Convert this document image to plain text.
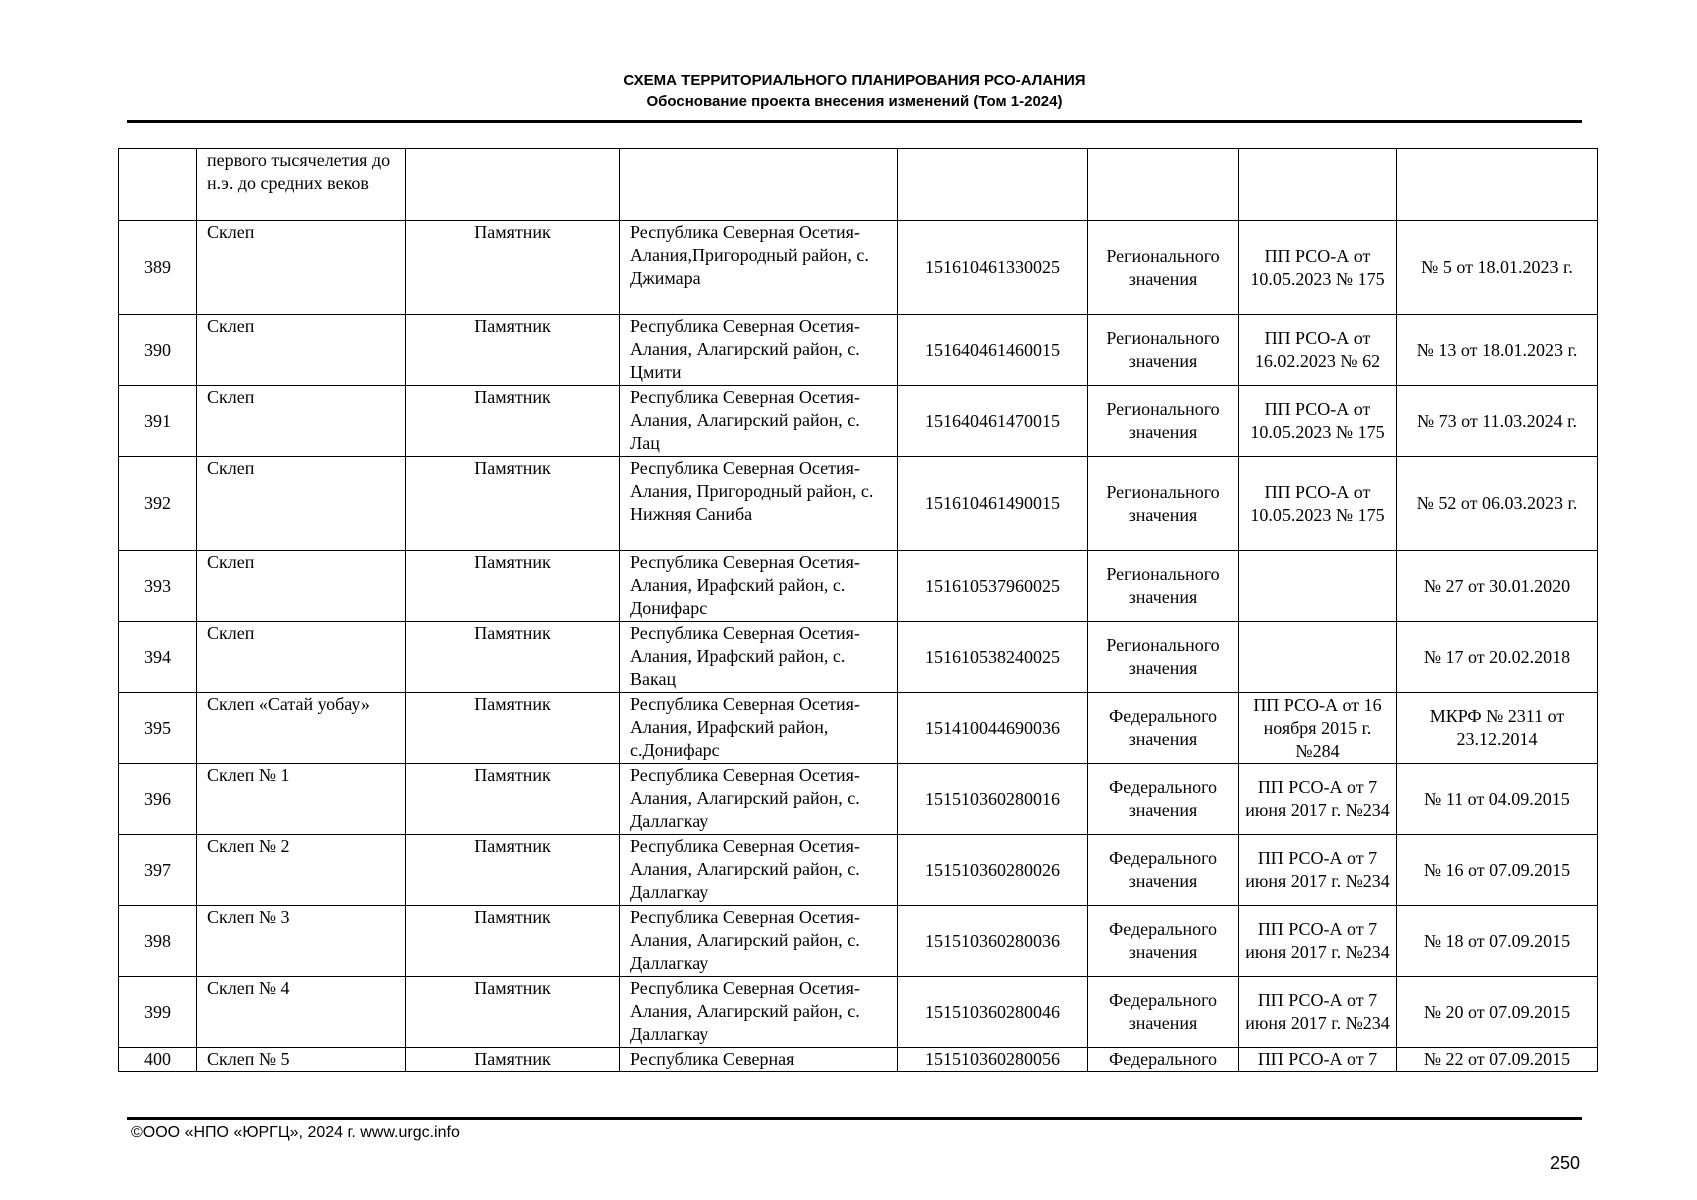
СХЕМА ТЕРРИТОРИАЛЬНОГО ПЛАНИРОВАНИЯ РСО-АЛАНИЯ
Обоснование проекта внесения изменений (Том 1-2024)
	первого тысячелетия до н.э. до средних веков						
389	Склеп	Памятник	Республика Северная Осетия-Алания,Пригородный район, с. Джимара	151610461330025	Регионального значения	ПП РСО-А от 10.05.2023 № 175	№ 5 от 18.01.2023 г.
390	Склеп	Памятник	Республика Северная Осетия-Алания, Алагирский район, с. Цмити	151640461460015	Регионального значения	ПП РСО-А от 16.02.2023 № 62	№ 13 от 18.01.2023 г.
391	Склеп	Памятник	Республика Северная Осетия-Алания, Алагирский район, с. Лац	151640461470015	Регионального значения	ПП РСО-А от 10.05.2023 № 175	№ 73 от 11.03.2024 г.
392	Склеп	Памятник	Республика Северная Осетия-Алания, Пригородный район, с. Нижняя Саниба	151610461490015	Регионального значения	ПП РСО-А от 10.05.2023 № 175	№ 52 от 06.03.2023 г.
393	Склеп	Памятник	Республика Северная Осетия-Алания, Ирафский район, с. Донифарс	151610537960025	Регионального значения		№ 27 от 30.01.2020
394	Склеп	Памятник	Республика Северная Осетия-Алания, Ирафский район, с. Вакац	151610538240025	Регионального значения		№ 17 от 20.02.2018
395	Склеп «Сатай уобау»	Памятник	Республика Северная Осетия-Алания, Ирафский район, с.Донифарс	151410044690036	Федерального значения	ПП РСО-А от 16 ноября 2015 г. №284	МКРФ № 2311 от 23.12.2014
396	Склеп № 1	Памятник	Республика Северная Осетия-Алания, Алагирский район, с. Даллагкау	151510360280016	Федерального значения	ПП РСО-А от 7 июня 2017 г. №234	№ 11 от 04.09.2015
397	Склеп № 2	Памятник	Республика Северная Осетия-Алания, Алагирский район, с. Даллагкау	151510360280026	Федерального значения	ПП РСО-А от 7 июня 2017 г. №234	№ 16 от 07.09.2015
398	Склеп № 3	Памятник	Республика Северная Осетия-Алания, Алагирский район, с. Даллагкау	151510360280036	Федерального значения	ПП РСО-А от 7 июня 2017 г. №234	№ 18 от 07.09.2015
399	Склеп № 4	Памятник	Республика Северная Осетия-Алания, Алагирский район, с. Даллагкау	151510360280046	Федерального значения	ПП РСО-А от 7 июня 2017 г. №234	№ 20 от 07.09.2015
400	Склеп № 5	Памятник	Республика Северная	151510360280056	Федерального	ПП РСО-А от 7	№ 22 от 07.09.2015
©ООО «НПО «ЮРГЦ», 2024 г. www.urgc.info
250
